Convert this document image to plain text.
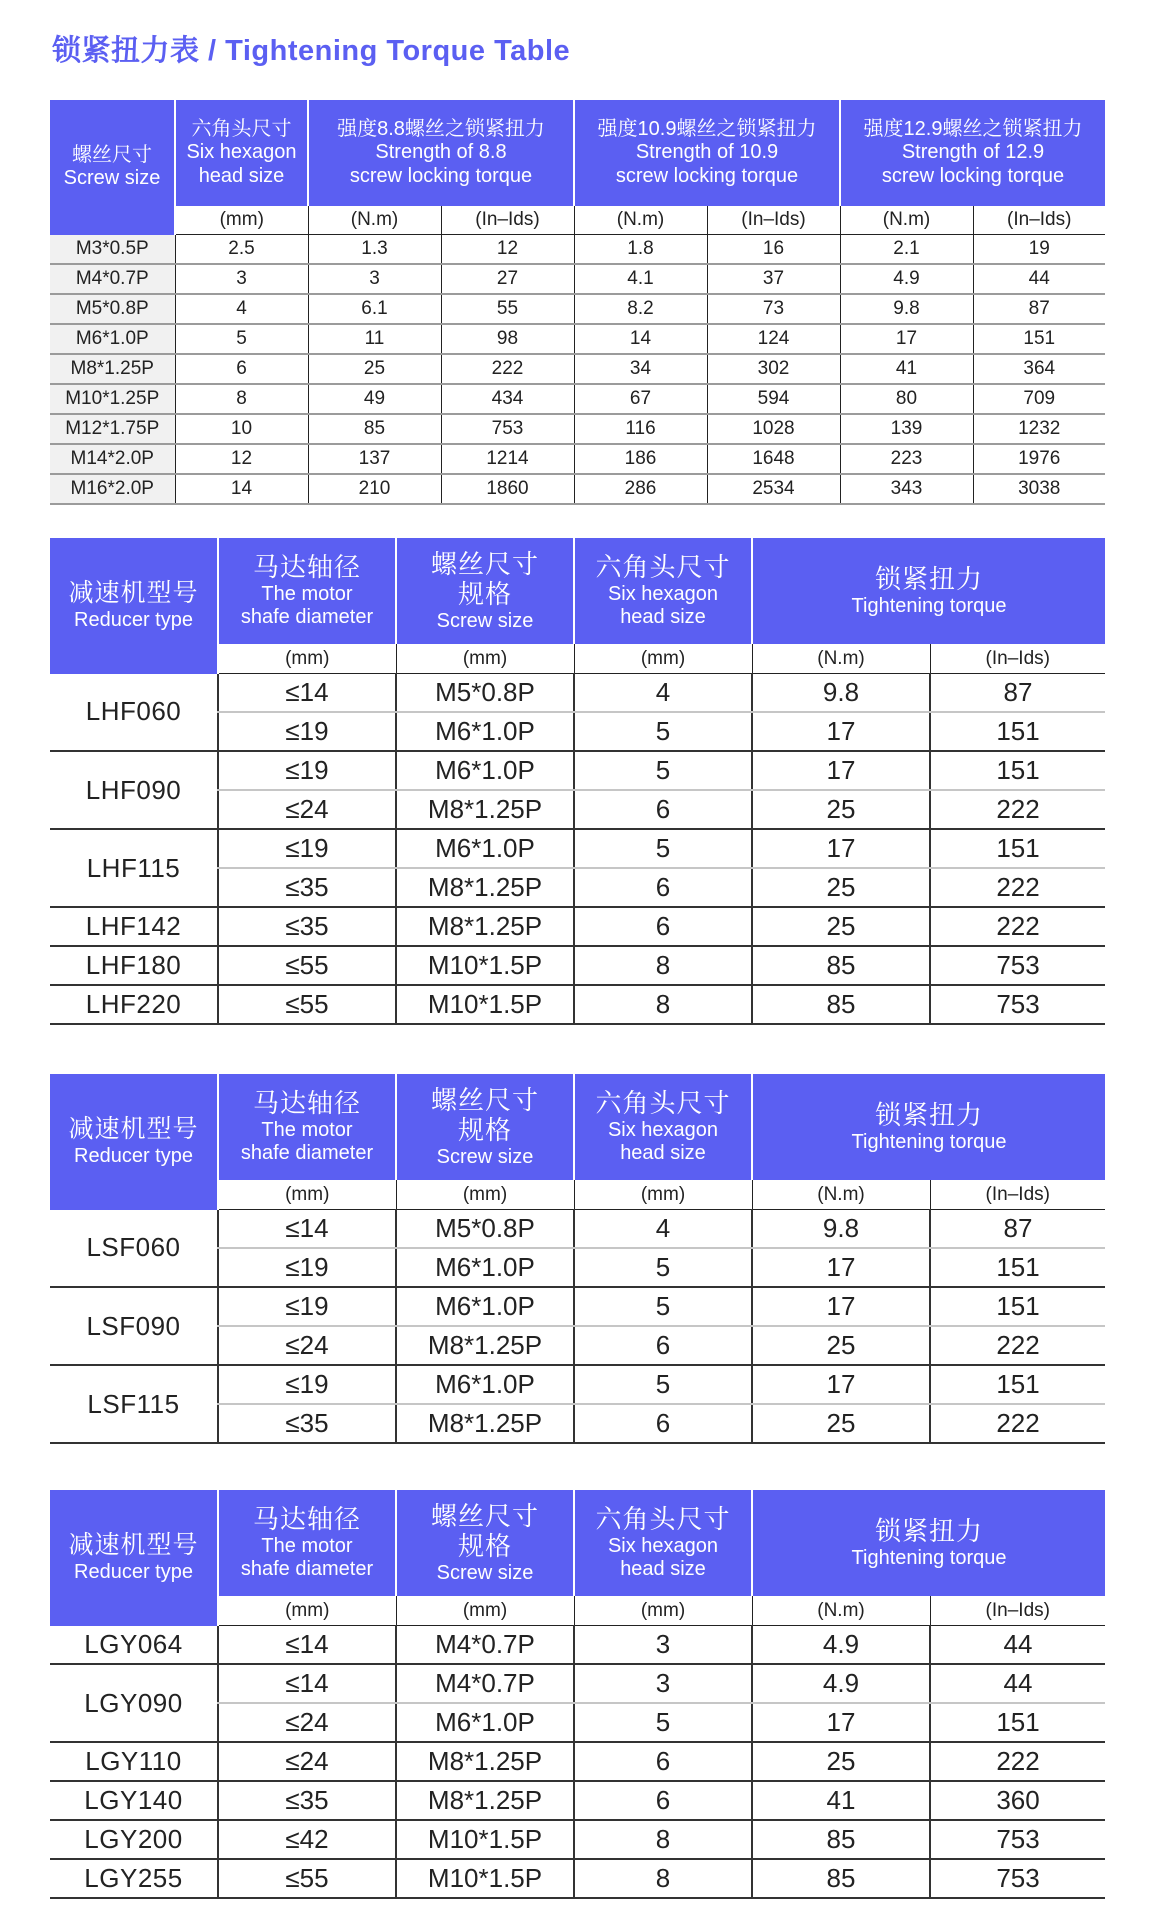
锁紧扭力表 / Tightening Torque Table
螺丝尺寸
Screw size	六角头尺寸
Six hexagon
head size	强度8.8螺丝之锁紧扭力
Strength of 8.8
screw locking torque		强度10.9螺丝之锁紧扭力
Strength of 10.9
screw locking torque		强度12.9螺丝之锁紧扭力
Strength of 12.9
screw locking torque	
	(mm)	(N.m)	(In–Ids)	(N.m)	(In–Ids)	(N.m)	(In–Ids)
M3*0.5P	2.5	1.3	12	1.8	16	2.1	19
M4*0.7P	3	3	27	4.1	37	4.9	44
M5*0.8P	4	6.1	55	8.2	73	9.8	87
M6*1.0P	5	11	98	14	124	17	151
M8*1.25P	6	25	222	34	302	41	364
M10*1.25P	8	49	434	67	594	80	709
M12*1.75P	10	85	753	116	1028	139	1232
M14*2.0P	12	137	1214	186	1648	223	1976
M16*2.0P	14	210	1860	286	2534	343	3038
减速机型号
Reducer type	马达轴径
The motor
shafe diameter	螺丝尺寸
规格
Screw size	六角头尺寸
Six hexagon
head size	锁紧扭力
Tightening torque	
	(mm)	(mm)	(mm)	(N.m)	(In–Ids)
LHF060	≤14	M5*0.8P	4	9.8	87
	≤19	M6*1.0P	5	17	151
LHF090	≤19	M6*1.0P	5	17	151
	≤24	M8*1.25P	6	25	222
LHF115	≤19	M6*1.0P	5	17	151
	≤35	M8*1.25P	6	25	222
LHF142	≤35	M8*1.25P	6	25	222
LHF180	≤55	M10*1.5P	8	85	753
LHF220	≤55	M10*1.5P	8	85	753
减速机型号
Reducer type	马达轴径
The motor
shafe diameter	螺丝尺寸
规格
Screw size	六角头尺寸
Six hexagon
head size	锁紧扭力
Tightening torque	
	(mm)	(mm)	(mm)	(N.m)	(In–Ids)
LSF060	≤14	M5*0.8P	4	9.8	87
	≤19	M6*1.0P	5	17	151
LSF090	≤19	M6*1.0P	5	17	151
	≤24	M8*1.25P	6	25	222
LSF115	≤19	M6*1.0P	5	17	151
	≤35	M8*1.25P	6	25	222
减速机型号
Reducer type	马达轴径
The motor
shafe diameter	螺丝尺寸
规格
Screw size	六角头尺寸
Six hexagon
head size	锁紧扭力
Tightening torque	
	(mm)	(mm)	(mm)	(N.m)	(In–Ids)
LGY064	≤14	M4*0.7P	3	4.9	44
LGY090	≤14	M4*0.7P	3	4.9	44
	≤24	M6*1.0P	5	17	151
LGY110	≤24	M8*1.25P	6	25	222
LGY140	≤35	M8*1.25P	6	41	360
LGY200	≤42	M10*1.5P	8	85	753
LGY255	≤55	M10*1.5P	8	85	753
